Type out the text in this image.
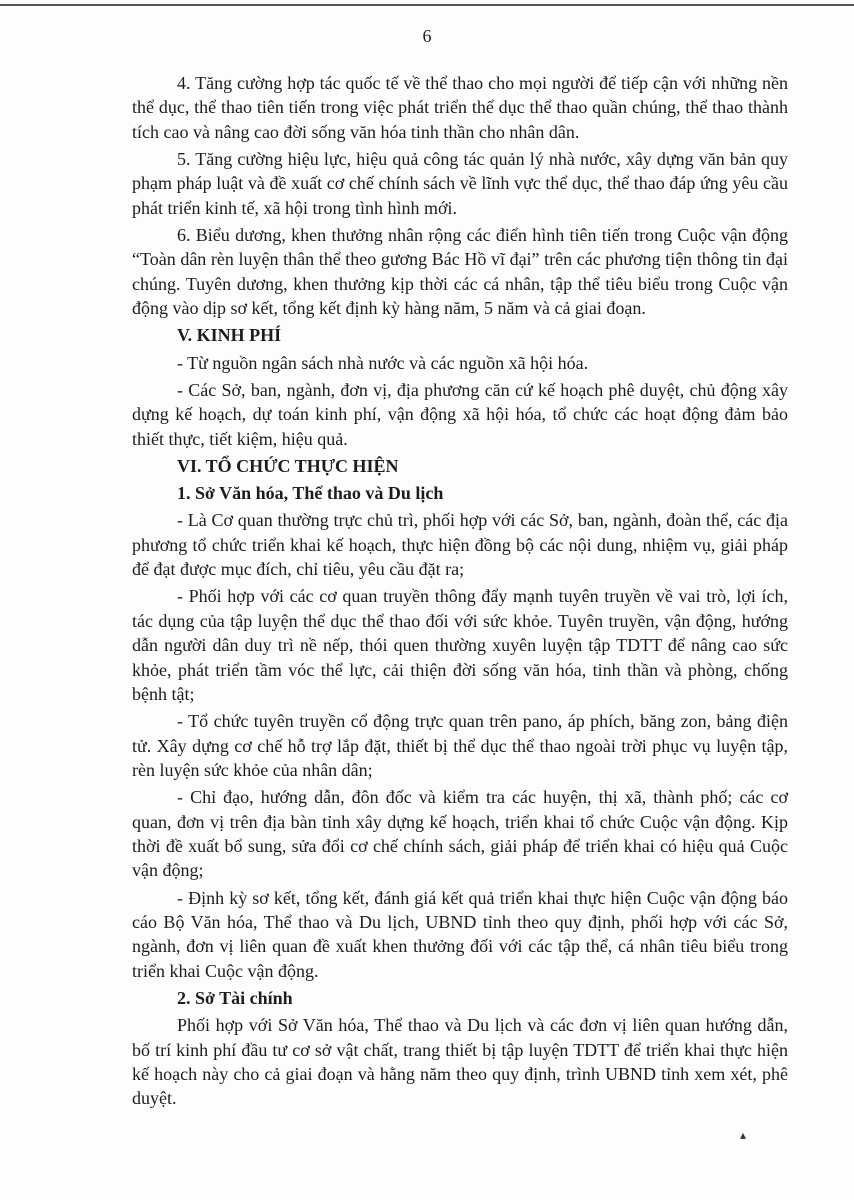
6

4. Tăng cường hợp tác quốc tế về thể thao cho mọi người để tiếp cận với những nền thể dục, thể thao tiên tiến trong việc phát triển thể dục thể thao quần chúng, thể thao thành tích cao và nâng cao đời sống văn hóa tinh thần cho nhân dân.

5. Tăng cường hiệu lực, hiệu quả công tác quản lý nhà nước, xây dựng văn bản quy phạm pháp luật và đề xuất cơ chế chính sách về lĩnh vực thể dục, thể thao đáp ứng yêu cầu phát triển kinh tế, xã hội trong tình hình mới.

6. Biểu dương, khen thưởng nhân rộng các điển hình tiên tiến trong Cuộc vận động “Toàn dân rèn luyện thân thể theo gương Bác Hồ vĩ đại” trên các phương tiện thông tin đại chúng. Tuyên dương, khen thưởng kịp thời các cá nhân, tập thể tiêu biểu trong Cuộc vận động vào dịp sơ kết, tổng kết định kỳ hàng năm, 5 năm và cả giai đoạn.

V. KINH PHÍ

- Từ nguồn ngân sách nhà nước và các nguồn xã hội hóa.

- Các Sở, ban, ngành, đơn vị, địa phương căn cứ kế hoạch phê duyệt, chủ động xây dựng kế hoạch, dự toán kinh phí, vận động xã hội hóa, tổ chức các hoạt động đảm bảo thiết thực, tiết kiệm, hiệu quả.

VI. TỔ CHỨC THỰC HIỆN
1. Sở Văn hóa, Thể thao và Du lịch

- Là Cơ quan thường trực chủ trì, phối hợp với các Sở, ban, ngành, đoàn thể, các địa phương tổ chức triển khai kế hoạch, thực hiện đồng bộ các nội dung, nhiệm vụ, giải pháp để đạt được mục đích, chỉ tiêu, yêu cầu đặt ra;

- Phối hợp với các cơ quan truyền thông đẩy mạnh tuyên truyền về vai trò, lợi ích, tác dụng của tập luyện thể dục thể thao đối với sức khỏe. Tuyên truyền, vận động, hướng dẫn người dân duy trì nề nếp, thói quen thường xuyên luyện tập TDTT để nâng cao sức khỏe, phát triển tầm vóc thể lực, cải thiện đời sống văn hóa, tinh thần và phòng, chống bệnh tật;

- Tổ chức tuyên truyền cổ động trực quan trên pano, áp phích, băng zon, bảng điện tử. Xây dựng cơ chế hỗ trợ lắp đặt, thiết bị thể dục thể thao ngoài trời phục vụ luyện tập, rèn luyện sức khỏe của nhân dân;

- Chỉ đạo, hướng dẫn, đôn đốc và kiểm tra các huyện, thị xã, thành phố; các cơ quan, đơn vị trên địa bàn tỉnh xây dựng kế hoạch, triển khai tổ chức Cuộc vận động. Kịp thời đề xuất bổ sung, sửa đổi cơ chế chính sách, giải pháp để triển khai có hiệu quả Cuộc vận động;

- Định kỳ sơ kết, tổng kết, đánh giá kết quả triển khai thực hiện Cuộc vận động báo cáo Bộ Văn hóa, Thể thao và Du lịch, UBND tỉnh theo quy định, phối hợp với các Sở, ngành, đơn vị liên quan đề xuất khen thưởng đối với các tập thể, cá nhân tiêu biểu trong triển khai Cuộc vận động.

2. Sở Tài chính

Phối hợp với Sở Văn hóa, Thể thao và Du lịch và các đơn vị liên quan hướng dẫn, bố trí kinh phí đầu tư cơ sở vật chất, trang thiết bị tập luyện TDTT để triển khai thực hiện kế hoạch này cho cả giai đoạn và hằng năm theo quy định, trình UBND tỉnh xem xét, phê duyệt.

▴
